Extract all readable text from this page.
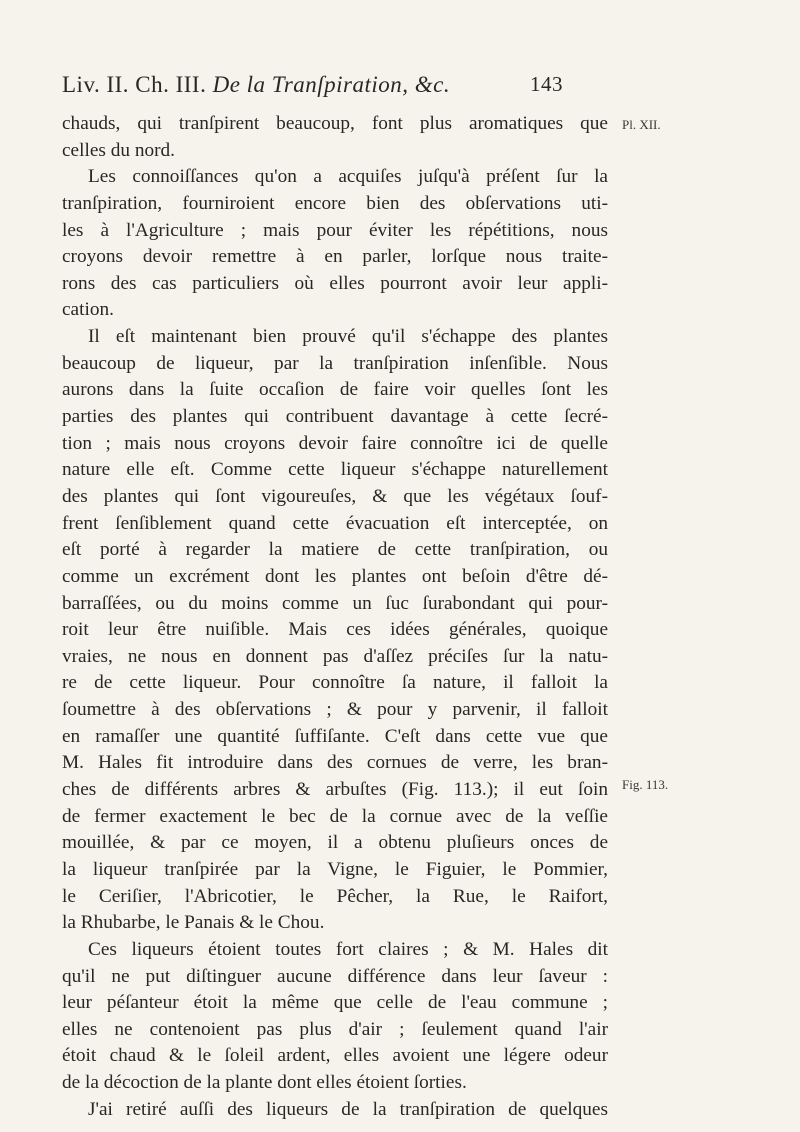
Liv. II. Ch. III. De la Tranſpiration, &c.	143
Pl. XII.
Fig. 113.
chauds, qui tranſpirent beaucoup, font plus aromatiques que
celles du nord.
Les connoiſſances qu'on a acquiſes juſqu'à préſent ſur la
tranſpiration, fourniroient encore bien des obſervations uti-
les à l'Agriculture ; mais pour éviter les répétitions, nous
croyons devoir remettre à en parler, lorſque nous traite-
rons des cas particuliers où elles pourront avoir leur appli-
cation.
Il eſt maintenant bien prouvé qu'il s'échappe des plantes
beaucoup de liqueur, par la tranſpiration inſenſible. Nous
aurons dans la ſuite occaſion de faire voir quelles ſont les
parties des plantes qui contribuent davantage à cette ſecré-
tion ; mais nous croyons devoir faire connoître ici de quelle
nature elle eſt. Comme cette liqueur s'échappe naturellement
des plantes qui ſont vigoureuſes, & que les végétaux ſouf-
frent ſenſiblement quand cette évacuation eſt interceptée, on
eſt porté à regarder la matiere de cette tranſpiration, ou
comme un excrément dont les plantes ont beſoin d'être dé-
barraſſées, ou du moins comme un ſuc ſurabondant qui pour-
roit leur être nuiſible. Mais ces idées générales, quoique
vraies, ne nous en donnent pas d'aſſez préciſes ſur la natu-
re de cette liqueur. Pour connoître ſa nature, il falloit la
ſoumettre à des obſervations ; & pour y parvenir, il falloit
en ramaſſer une quantité ſuffiſante. C'eſt dans cette vue que
M. Hales fit introduire dans des cornues de verre, les bran-
ches de différents arbres & arbuſtes (Fig. 113.); il eut ſoin
de fermer exactement le bec de la cornue avec de la veſſie
mouillée, & par ce moyen, il a obtenu pluſieurs onces de
la liqueur tranſpirée par la Vigne, le Figuier, le Pommier,
le Ceriſier, l'Abricotier, le Pêcher, la Rue, le Raifort,
la Rhubarbe, le Panais & le Chou.
Ces liqueurs étoient toutes fort claires ; & M. Hales dit
qu'il ne put diſtinguer aucune différence dans leur ſaveur :
leur péſanteur étoit la même que celle de l'eau commune ;
elles ne contenoient pas plus d'air ; ſeulement quand l'air
étoit chaud & le ſoleil ardent, elles avoient une légere odeur
de la décoction de la plante dont elles étoient ſorties.
J'ai retiré auſſi des liqueurs de la tranſpiration de quelques
